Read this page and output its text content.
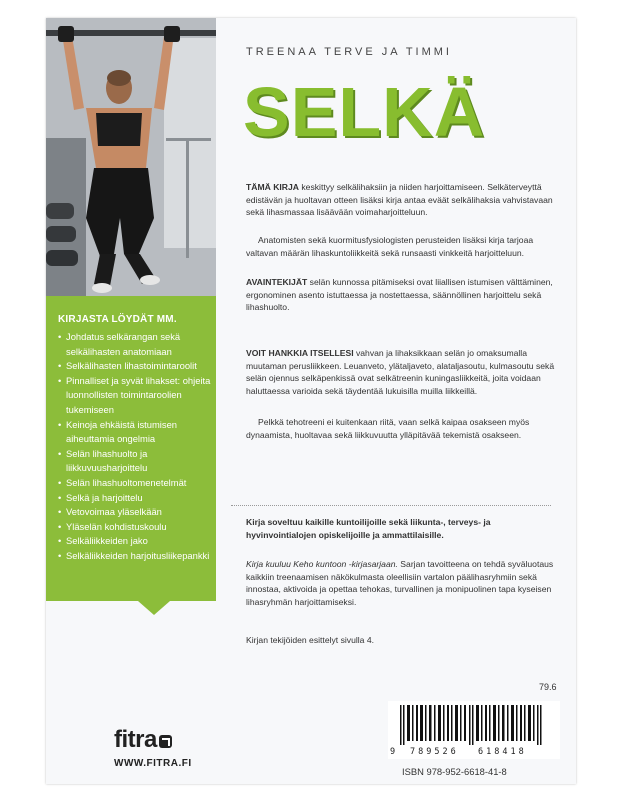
KIRJASTA LÖYDÄT MM.
• Johdatus selkärangan sekä selkälihasten anatomiaan
• Selkälihasten lihastoimintaroolit
• Pinnalliset ja syvät lihakset: ohjeita luonnollisten toimintaroolien tukemiseen
• Keinoja ehkäistä istumisen aiheuttamia ongelmia
• Selän lihashuolto ja liikkuvuusharjoittelu
• Selän lihashuoltomenetelmät
• Selkä ja harjoittelu
• Vetovoimaa yläselkään
• Yläselän kohdistuskoulu
• Selkäliikkeiden jako
• Selkäliikkeiden harjoitusliikepankki
TREENAA TERVE JA TIMMI
SELKÄ

TÄMÄ KIRJA keskittyy selkälihaksiin ja niiden harjoittamiseen. Selkäterveyttä edistävän ja huoltavan otteen lisäksi kirja antaa eväät selkälihaksia vahvistavaan sekä lihasmassaa lisäävään voimaharjoitteluun.

Anatomisten sekä kuormitusfysiologisten perusteiden lisäksi kirja tarjoaa valtavan määrän lihaskuntoliikkeitä sekä runsaasti vinkkeitä harjoitteluun.

AVAINTEKIJÄT selän kunnossa pitämiseksi ovat liiallisen istumisen välttäminen, ergonominen asento istuttaessa ja nostettaessa, säännöllinen harjoittelu sekä lihashuolto.

VOIT HANKKIA ITSELLESI vahvan ja lihaksikkaan selän jo omaksumalla muutaman perusliikkeen. Leuanveto, ylätaljaveto, alataljasoutu, kulmasoutu sekä selän ojennus selkäpenkissä ovat selkätreenin kuningasliikkeitä, joita voidaan haluttaessa varioida sekä täydentää lukuisilla muilla liikkeillä.

Pelkkä tehotreeni ei kuitenkaan riitä, vaan selkä kaipaa osakseen myös dynaamista, huoltavaa sekä liikkuvuutta ylläpitävää tekemistä osakseen.

Kirja soveltuu kaikille kuntoilijoille sekä liikunta-, terveys- ja hyvinvointialojen opiskelijoille ja ammattilaisille.

Kirja kuuluu Keho kuntoon -kirjasarjaan. Sarjan tavoitteena on tehdä syväluotaus kaikkiin treenaamisen näkökulmasta oleellisiin vartalon päälihasryhmiin sekä innostaa, aktivoida ja opettaa tehokas, turvallinen ja monipuolinen tapa kyseisen lihasryhmän harjoittamiseksi.

Kirjan tekijöiden esittelyt sivulla 4.

79.6
9 789526 618418
ISBN 978-952-6618-41-8
fitra
WWW.FITRA.FI
